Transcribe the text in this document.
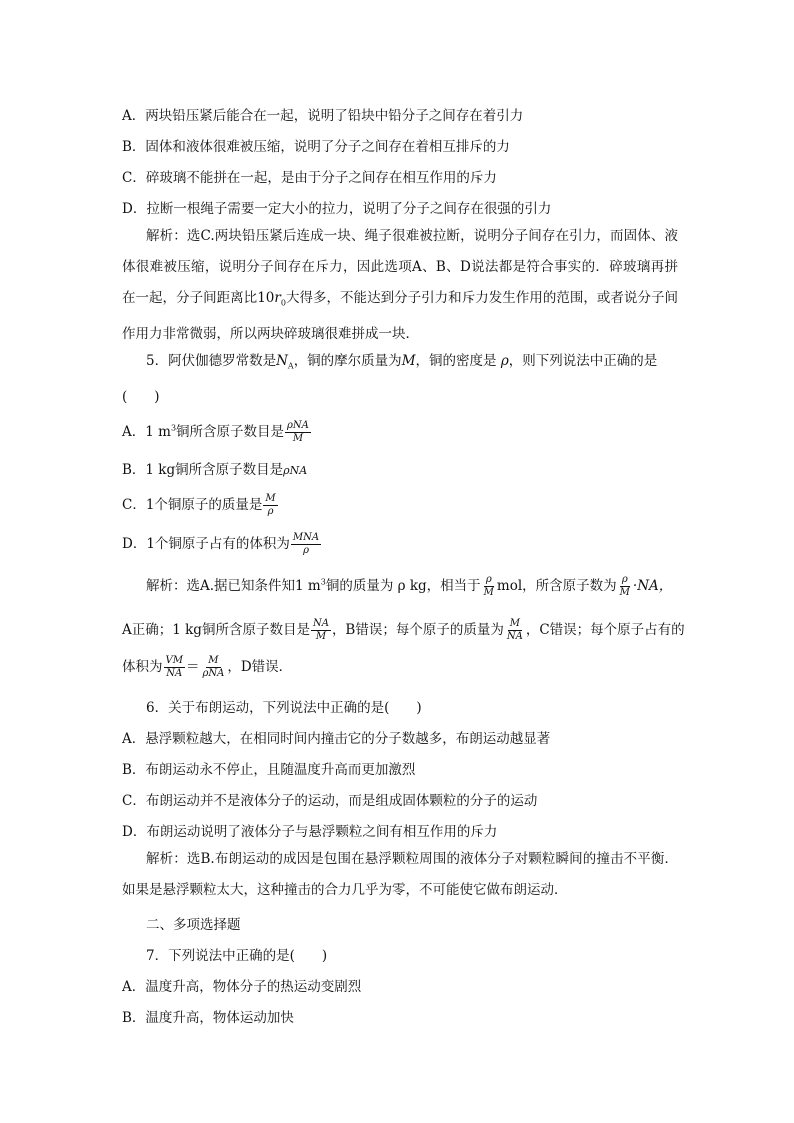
A．两块铅压紧后能合在一起，说明了铅块中铅分子之间存在着引力
B．固体和液体很难被压缩，说明了分子之间存在着相互排斥的力
C．碎玻璃不能拼在一起，是由于分子之间存在相互作用的斥力
D．拉断一根绳子需要一定大小的拉力，说明了分子之间存在很强的引力
解析：选C.两块铅压紧后连成一块、绳子很难被拉断，说明分子间存在引力，而固体、液体很难被压缩，说明分子间存在斥力，因此选项A、B、D说法都是符合事实的．碎玻璃再拼在一起，分子间距离比$10r_0$大得多，不能达到分子引力和斥力发生作用的范围，或者说分子间作用力非常微弱，所以两块碎玻璃很难拼成一块．
5．阿伏伽德罗常数是$N_A$，铜的摩尔质量为M，铜的密度是 ρ，则下列说法中正确的是
(　　)
A．1 $m^3$铜所含原子数目是 $\frac{\text{ρNA}}{M}$
B．1 kg铜所含原子数目是ρNA
C．1个铜原子的质量是 $\frac{M}{\rho}$
D．1个铜原子占有的体积为 $\frac{\text{MNA}}{\rho}$
解析：选A.据已知条件知1 $m^3$铜的质量为 ρ kg，相当于 $\frac{\rho}{M}$ mol，所含原子数为 $\frac{\rho}{M} \cdot NA$，
A正确；1 kg铜所含原子数目是 $\frac{NA}{M}$ ，B错误；每个原子的质量为 $\frac{M}{NA}$ ，C错误；每个原子占有的
体积为 $\frac{VM}{NA} = \frac{M}{\text{ρNA}}$ ，D错误．
6．关于布朗运动，下列说法中正确的是(　　)
A．悬浮颗粒越大，在相同时间内撞击它的分子数越多，布朗运动越显著
B．布朗运动永不停止，且随温度升高而更加激烈
C．布朗运动并不是液体分子的运动，而是组成固体颗粒的分子的运动
D．布朗运动说明了液体分子与悬浮颗粒之间有相互作用的斥力
解析：选B.布朗运动的成因是包围在悬浮颗粒周围的液体分子对颗粒瞬间的撞击不平衡．如果是悬浮颗粒太大，这种撞击的合力几乎为零，不可能使它做布朗运动．
二、多项选择题
7．下列说法中正确的是(　　)
A．温度升高，物体分子的热运动变剧烈
B．温度升高，物体运动加快
